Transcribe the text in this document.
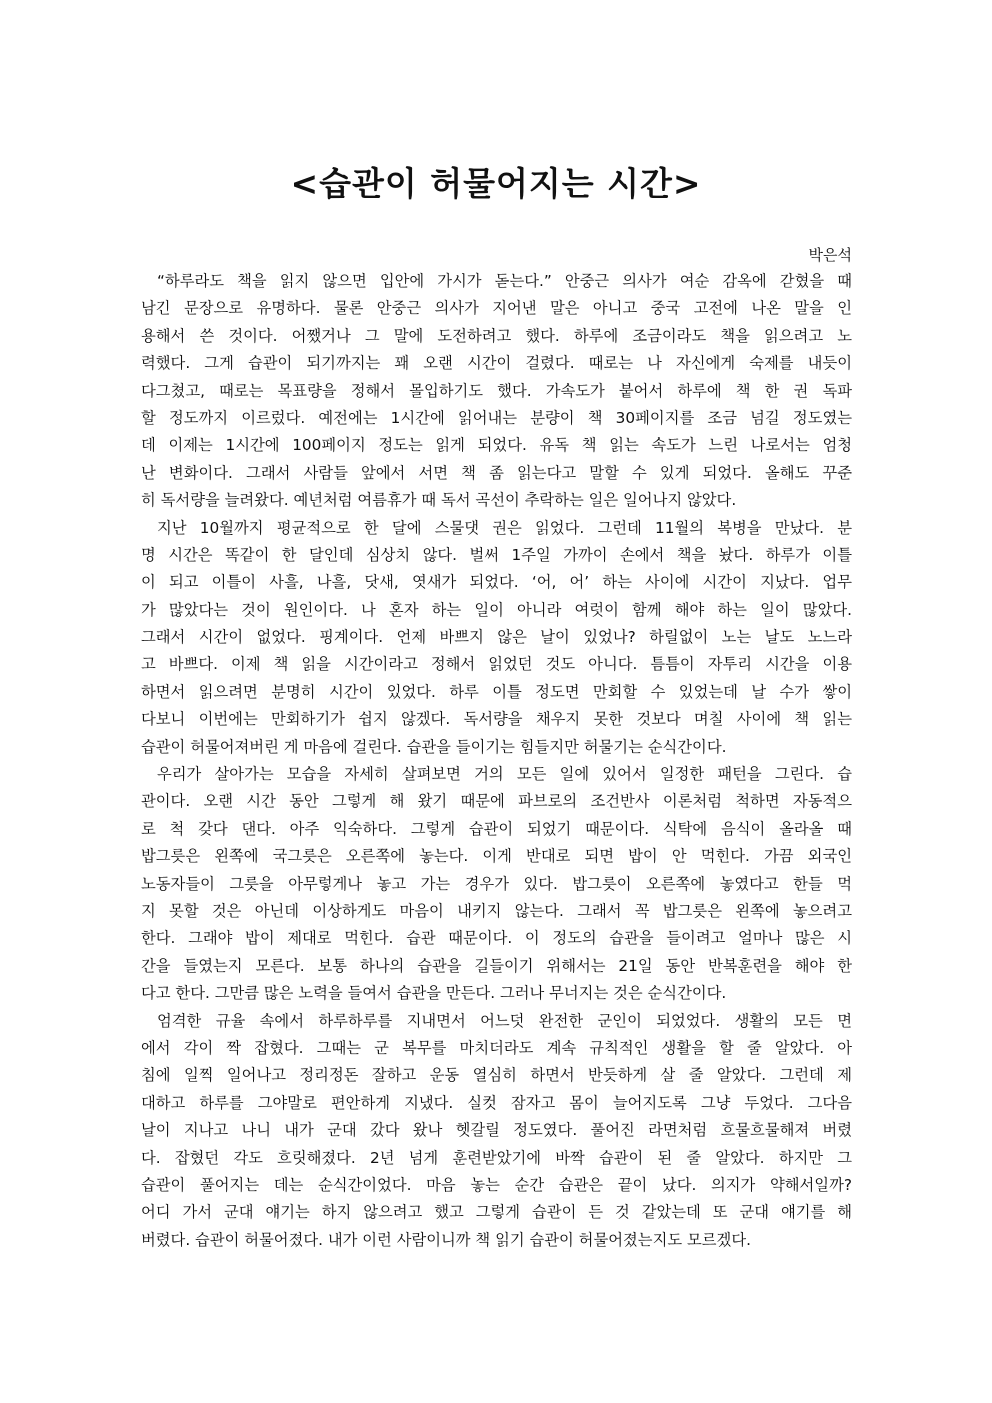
<습관이 허물어지는 시간>
박은석
“하루라도 책을 읽지 않으면 입안에 가시가 돋는다.” 안중근 의사가 여순 감옥에 갇혔을 때
남긴 문장으로 유명하다. 물론 안중근 의사가 지어낸 말은 아니고 중국 고전에 나온 말을 인
용해서 쓴 것이다. 어쨌거나 그 말에 도전하려고 했다. 하루에 조금이라도 책을 읽으려고 노
력했다. 그게 습관이 되기까지는 꽤 오랜 시간이 걸렸다. 때로는 나 자신에게 숙제를 내듯이
다그쳤고, 때로는 목표량을 정해서 몰입하기도 했다. 가속도가 붙어서 하루에 책 한 권 독파
할 정도까지 이르렀다. 예전에는 1시간에 읽어내는 분량이 책 30페이지를 조금 넘길 정도였는
데 이제는 1시간에 100페이지 정도는 읽게 되었다. 유독 책 읽는 속도가 느린 나로서는 엄청
난 변화이다. 그래서 사람들 앞에서 서면 책 좀 읽는다고 말할 수 있게 되었다. 올해도 꾸준
히 독서량을 늘려왔다. 예년처럼 여름휴가 때 독서 곡선이 추락하는 일은 일어나지 않았다.
지난 10월까지 평균적으로 한 달에 스물댓 권은 읽었다. 그런데 11월의 복병을 만났다. 분
명 시간은 똑같이 한 달인데 심상치 않다. 벌써 1주일 가까이 손에서 책을 놨다. 하루가 이틀
이 되고 이틀이 사흘, 나흘, 닷새, 엿새가 되었다. ‘어, 어’ 하는 사이에 시간이 지났다. 업무
가 많았다는 것이 원인이다. 나 혼자 하는 일이 아니라 여럿이 함께 해야 하는 일이 많았다.
그래서 시간이 없었다. 핑계이다. 언제 바쁘지 않은 날이 있었나? 하릴없이 노는 날도 노느라
고 바쁘다. 이제 책 읽을 시간이라고 정해서 읽었던 것도 아니다. 틈틈이 자투리 시간을 이용
하면서 읽으려면 분명히 시간이 있었다. 하루 이틀 정도면 만회할 수 있었는데 날 수가 쌓이
다보니 이번에는 만회하기가 쉽지 않겠다. 독서량을 채우지 못한 것보다 며칠 사이에 책 읽는
습관이 허물어져버린 게 마음에 걸린다. 습관을 들이기는 힘들지만 허물기는 순식간이다.
우리가 살아가는 모습을 자세히 살펴보면 거의 모든 일에 있어서 일정한 패턴을 그린다. 습
관이다. 오랜 시간 동안 그렇게 해 왔기 때문에 파브로의 조건반사 이론처럼 척하면 자동적으
로 척 갖다 댄다. 아주 익숙하다. 그렇게 습관이 되었기 때문이다. 식탁에 음식이 올라올 때
밥그릇은 왼쪽에 국그릇은 오른쪽에 놓는다. 이게 반대로 되면 밥이 안 먹힌다. 가끔 외국인
노동자들이 그릇을 아무렇게나 놓고 가는 경우가 있다. 밥그릇이 오른쪽에 놓였다고 한들 먹
지 못할 것은 아닌데 이상하게도 마음이 내키지 않는다. 그래서 꼭 밥그릇은 왼쪽에 놓으려고
한다. 그래야 밥이 제대로 먹힌다. 습관 때문이다. 이 정도의 습관을 들이려고 얼마나 많은 시
간을 들였는지 모른다. 보통 하나의 습관을 길들이기 위해서는 21일 동안 반복훈련을 해야 한
다고 한다. 그만큼 많은 노력을 들여서 습관을 만든다. 그러나 무너지는 것은 순식간이다.
엄격한 규율 속에서 하루하루를 지내면서 어느덧 완전한 군인이 되었었다. 생활의 모든 면
에서 각이 짝 잡혔다. 그때는 군 복무를 마치더라도 계속 규칙적인 생활을 할 줄 알았다. 아
침에 일찍 일어나고 정리정돈 잘하고 운동 열심히 하면서 반듯하게 살 줄 알았다. 그런데 제
대하고 하루를 그야말로 편안하게 지냈다. 실컷 잠자고 몸이 늘어지도록 그냥 두었다. 그다음
날이 지나고 나니 내가 군대 갔다 왔나 헷갈릴 정도였다. 풀어진 라면처럼 흐물흐물해져 버렸
다. 잡혔던 각도 흐릿해졌다. 2년 넘게 훈련받았기에 바짝 습관이 된 줄 알았다. 하지만 그
습관이 풀어지는 데는 순식간이었다. 마음 놓는 순간 습관은 끝이 났다. 의지가 약해서일까?
어디 가서 군대 얘기는 하지 않으려고 했고 그렇게 습관이 든 것 같았는데 또 군대 얘기를 해
버렸다. 습관이 허물어졌다. 내가 이런 사람이니까 책 읽기 습관이 허물어졌는지도 모르겠다.
